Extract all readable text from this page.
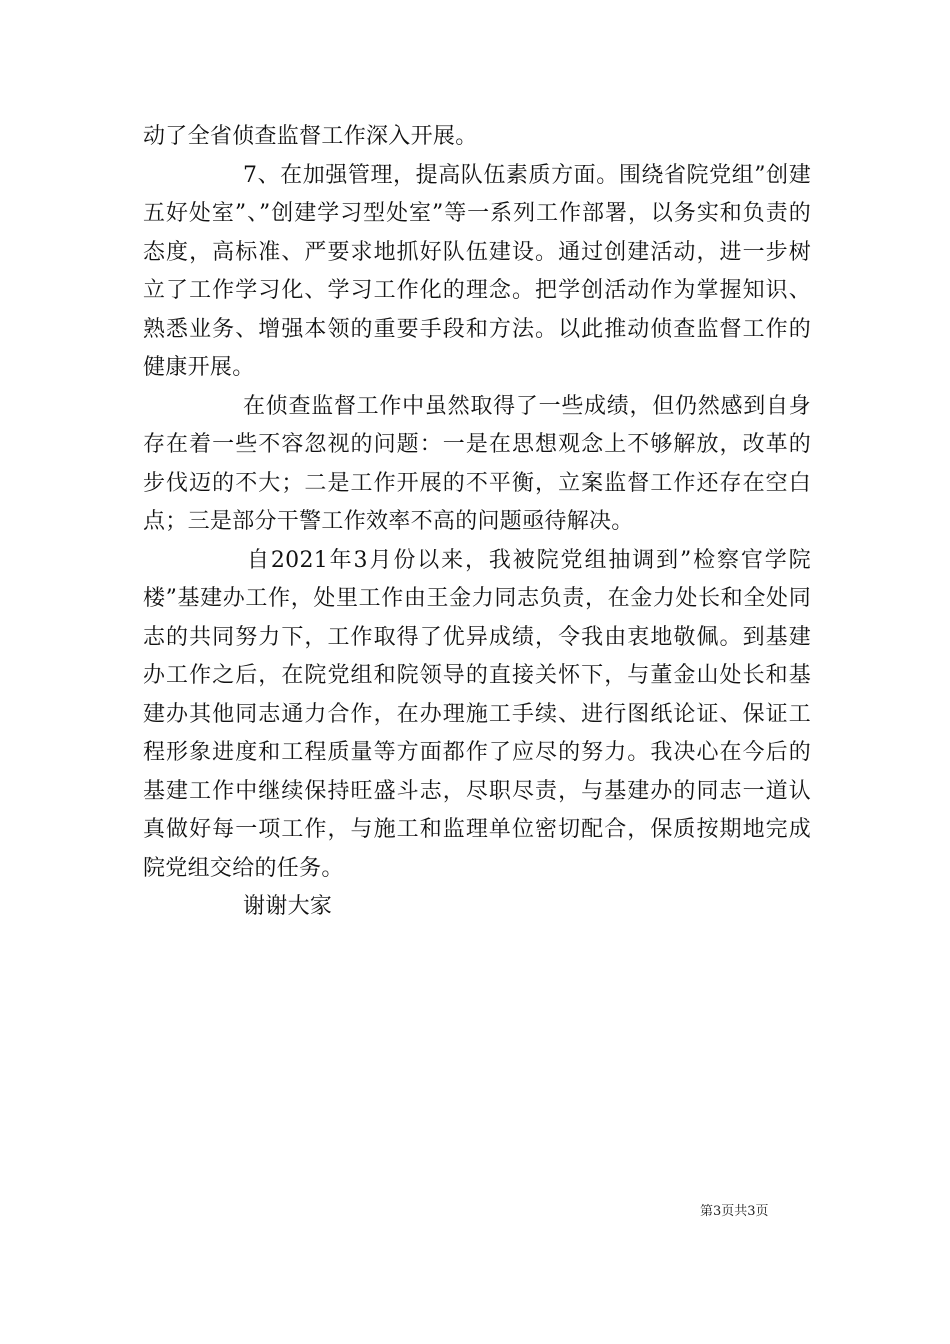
动了全省侦查监督工作深入开展。

7、在加强管理，提高队伍素质方面。围绕省院党组”创建五好处室”、”创建学习型处室”等一系列工作部署，以务实和负责的态度，高标准、严要求地抓好队伍建设。通过创建活动，进一步树立了工作学习化、学习工作化的理念。把学创活动作为掌握知识、熟悉业务、增强本领的重要手段和方法。以此推动侦查监督工作的健康开展。

在侦查监督工作中虽然取得了一些成绩，但仍然感到自身存在着一些不容忽视的问题：一是在思想观念上不够解放，改革的步伐迈的不大；二是工作开展的不平衡，立案监督工作还存在空白点；三是部分干警工作效率不高的问题亟待解决。

自2021年3月份以来，我被院党组抽调到”检察官学院楼”基建办工作，处里工作由王金力同志负责，在金力处长和全处同志的共同努力下，工作取得了优异成绩，令我由衷地敬佩。到基建办工作之后，在院党组和院领导的直接关怀下，与董金山处长和基建办其他同志通力合作，在办理施工手续、进行图纸论证、保证工程形象进度和工程质量等方面都作了应尽的努力。我决心在今后的基建工作中继续保持旺盛斗志，尽职尽责，与基建办的同志一道认真做好每一项工作，与施工和监理单位密切配合，保质按期地完成院党组交给的任务。

谢谢大家

第3页共3页
